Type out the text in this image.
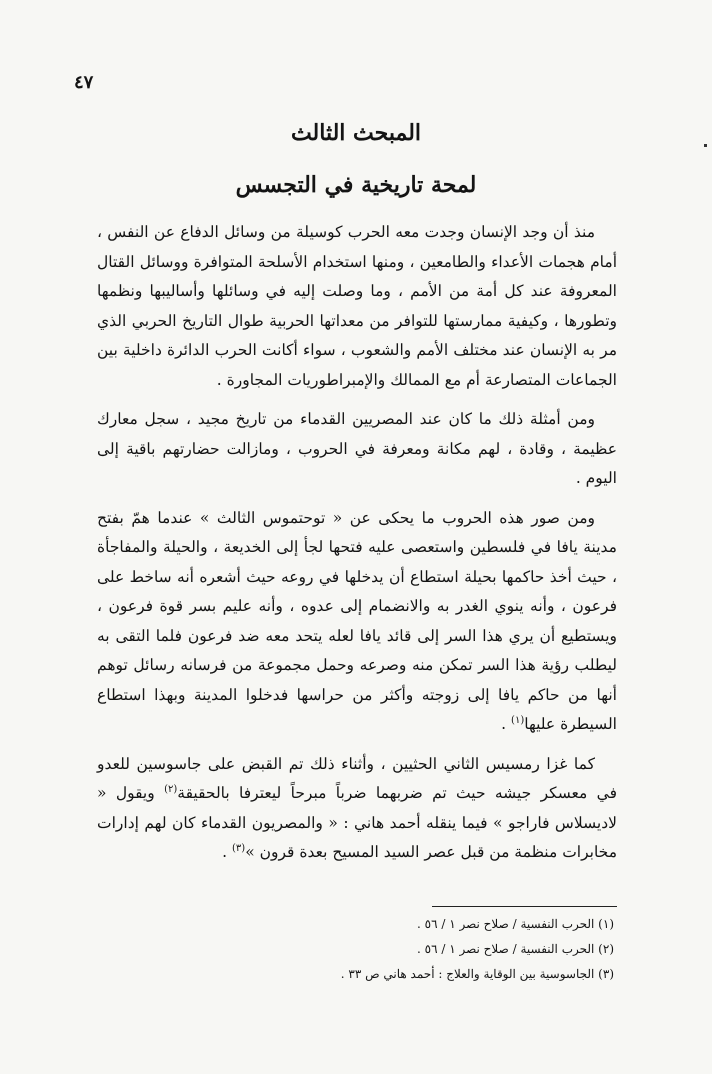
٤٧
المبحث الثالث
لمحة تاريخية في التجسس

منذ أن وجد الإنسان وجدت معه الحرب كوسيلة من وسائل الدفاع عن النفس ، أمام هجمات الأعداء والطامعين ، ومنها استخدام الأسلحة المتوافرة ووسائل القتال المعروفة عند كل أمة من الأمم ، وما وصلت إليه في وسائلها وأساليبها ونظمها وتطورها ، وكيفية ممارستها للتوافر من معداتها الحربية طوال التاريخ الحربي الذي مر به الإنسان عند مختلف الأمم والشعوب ، سواء أكانت الحرب الدائرة داخلية بين الجماعات المتصارعة أم مع الممالك والإمبراطوريات المجاورة .

ومن أمثلة ذلك ما كان عند المصريين القدماء من تاريخ مجيد ، سجل معارك عظيمة ، وقادة ، لهم مكانة ومعرفة في الحروب ، ومازالت حضارتهم باقية إلى اليوم .

ومن صور هذه الحروب ما يحكى عن « توحتموس الثالث » عندما همّ بفتح مدينة يافا في فلسطين واستعصى عليه فتحها لجأ إلى الخديعة ، والحيلة والمفاجأة ، حيث أخذ حاكمها بحيلة استطاع أن يدخلها في روعه حيث أشعره أنه ساخط على فرعون ، وأنه ينوي الغدر به والانضمام إلى عدوه ، وأنه عليم بسر قوة فرعون ، ويستطيع أن يري هذا السر إلى قائد يافا لعله يتحد معه ضد فرعون فلما التقى به ليطلب رؤية هذا السر تمكن منه وصرعه وحمل مجموعة من فرسانه رسائل توهم أنها من حاكم يافا إلى زوجته وأكثر من حراسها فدخلوا المدينة وبهذا استطاع السيطرة عليها$^{(١)}$ .

كما غزا رمسيس الثاني الحثيين ، وأثناء ذلك تم القبض على جاسوسين للعدو في معسكر جيشه حيث تم ضربهما ضرباً مبرحاً ليعترفا بالحقيقة$^{(٢)}$ ويقول « لاديسلاس فاراجو » فيما ينقله أحمد هاني : « والمصريون القدماء كان لهم إدارات مخابرات منظمة من قبل عصر السيد المسيح بعدة قرون »$^{(٣)}$ .

(١) الحرب النفسية / صلاح نصر ١ / ٥٦ .
(٢) الحرب النفسية / صلاح نصر ١ / ٥٦ .
(٣) الجاسوسية بين الوقاية والعلاج : أحمد هاني ص ٣٣ .
